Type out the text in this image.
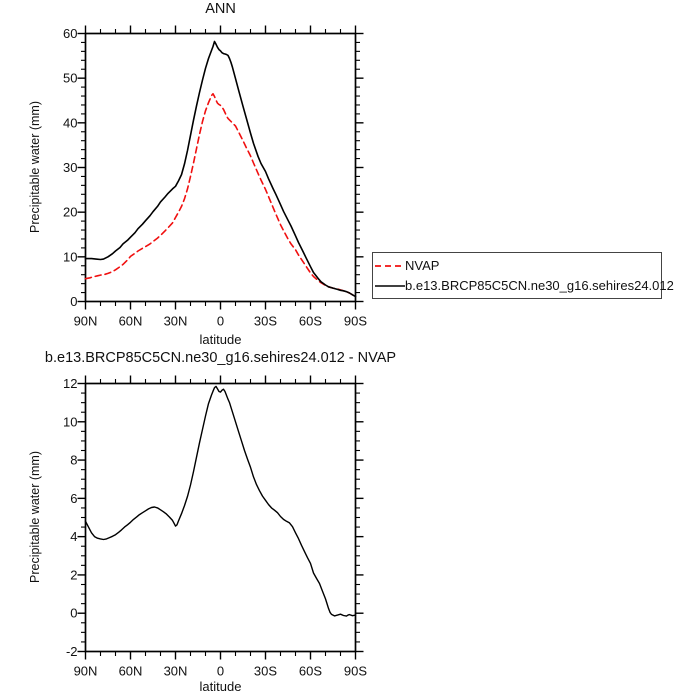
90N 60N 30N 0 30S 60S 90S
0
10
20
30
40
50
60
90N 60N 30N 0 30S 60S 90S
-2
0
2
4
6
8
10
12
ANN
Precipitable water (mm)
latitude
NVAP
b.e13.BRCP85C5CN.ne30_g16.sehires24.012
b.e13.BRCP85C5CN.ne30_g16.sehires24.012 - NVAP
Precipitable water (mm)
latitude
